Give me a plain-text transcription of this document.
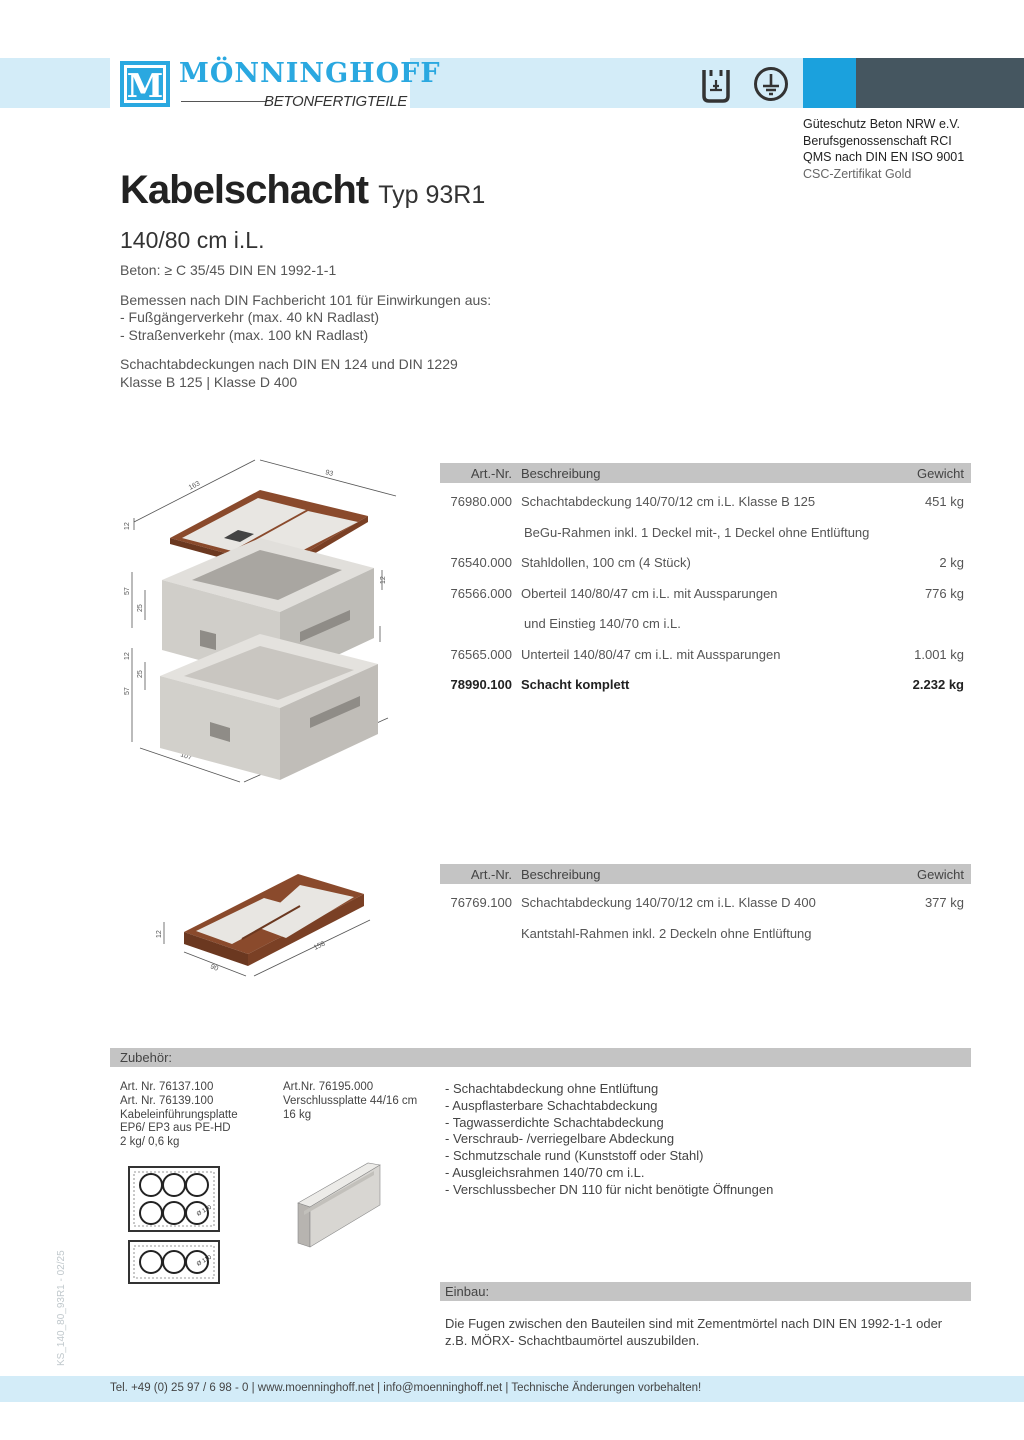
M MÖNNINGHOFF
BETONFERTIGTEILE
Güteschutz Beton NRW e.V.
Berufsgenossenschaft RCI
QMS nach DIN EN ISO 9001
CSC-Zertifikat Gold
Kabelschacht Typ 93R1
140/80 cm i.L.

Beton: ≥ C 35/45 DIN EN 1992-1-1

Bemessen nach DIN Fachbericht 101 für Einwirkungen aus:
- Fußgängerverkehr (max. 40 kN Radlast)
- Straßenverkehr (max. 100 kN Radlast)

Schachtabdeckungen nach DIN EN 124 und DIN 1229
Klasse B 125 | Klasse D 400

163
93
12
57
25
12
25
57
12
107
Art.-Nr. Beschreibung	Gewicht
76980.000 Schachtabdeckung 140/70/12 cm i.L. Klasse B 125	451 kg
BeGu-Rahmen inkl. 1 Deckel mit-, 1 Deckel ohne Entlüftung
76540.000 Stahldollen, 100 cm (4 Stück)	2 kg
76566.000 Oberteil 140/80/47 cm i.L. mit Aussparungen	776 kg
und Einstieg 140/70 cm i.L.
76565.000 Unterteil 140/80/47 cm i.L. mit Aussparungen	1.001 kg
78990.100 Schacht komplett	2.232 kg
12
90
158
Art.-Nr. Beschreibung	Gewicht
76769.100 Schachtabdeckung 140/70/12 cm i.L. Klasse D 400	377 kg
Kantstahl-Rahmen inkl. 2 Deckeln ohne Entlüftung
Zubehör:
Art. Nr. 76137.100
Art. Nr. 76139.100
Kabeleinführungsplatte
EP6/ EP3 aus PE-HD
2 kg/ 0,6 kg
Art.Nr. 76195.000
Verschlussplatte 44/16 cm
16 kg
Ø 110
Ø 110
- Schachtabdeckung ohne Entlüftung
- Auspflasterbare Schachtabdeckung
- Tagwasserdichte Schachtabdeckung
- Verschraub- /verriegelbare Abdeckung
- Schmutzschale rund (Kunststoff oder Stahl)
- Ausgleichsrahmen 140/70 cm i.L.
- Verschlussbecher DN 110 für nicht benötigte Öffnungen
Einbau:
Die Fugen zwischen den Bauteilen sind mit Zementmörtel nach DIN EN 1992-1-1 oder z.B. MÖRX- Schachtbaumörtel auszubilden.
KS_140_80_93R1 - 02/25
Tel. +49 (0) 25 97 / 6 98 - 0 | www.moenninghoff.net | info@moenninghoff.net | Technische Änderungen vorbehalten!
